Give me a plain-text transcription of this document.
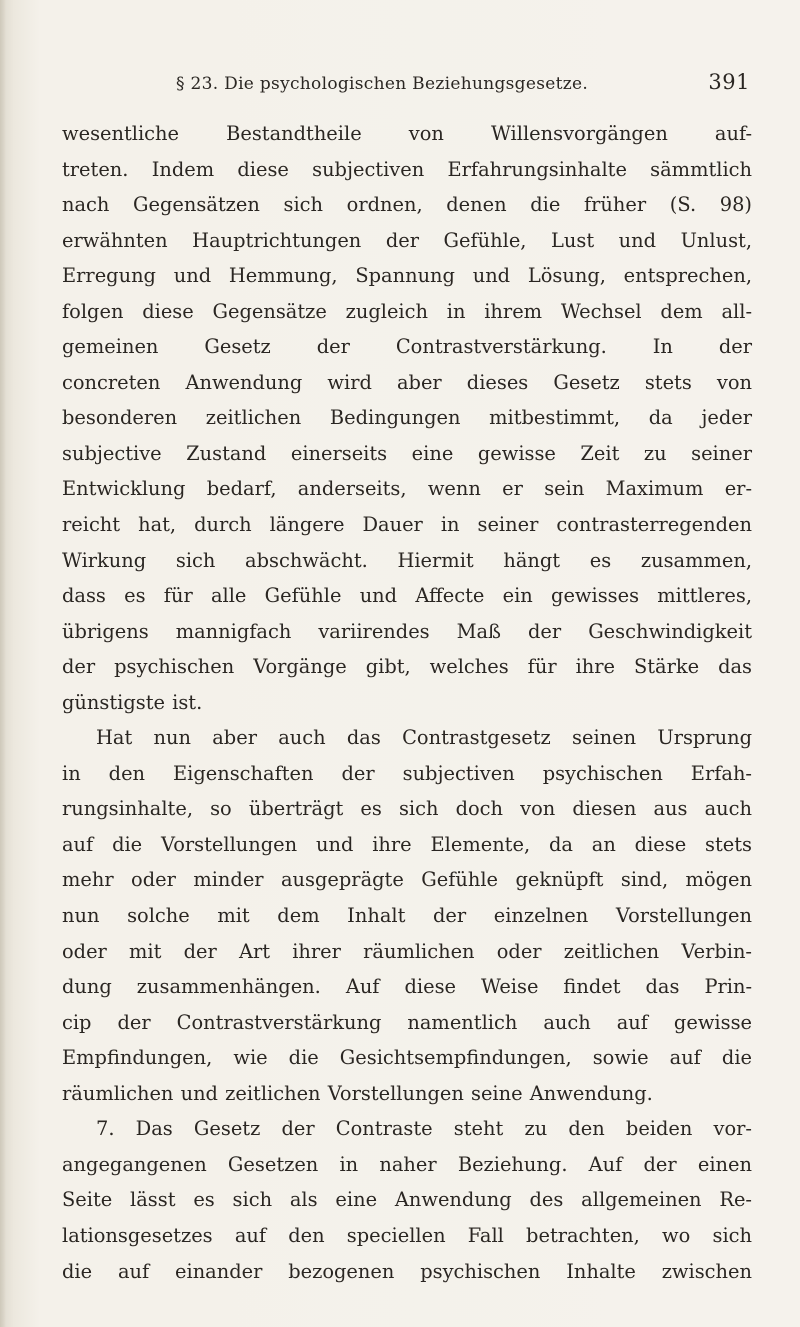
§ 23. Die psychologischen Beziehungsgesetze.	391
wesentliche Bestandtheile von Willensvorgängen auf-
treten. Indem diese subjectiven Erfahrungsinhalte sämmtlich
nach Gegensätzen sich ordnen, denen die früher (S. 98)
erwähnten Hauptrichtungen der Gefühle, Lust und Unlust,
Erregung und Hemmung, Spannung und Lösung, entsprechen,
folgen diese Gegensätze zugleich in ihrem Wechsel dem all-
gemeinen Gesetz der Contrastverstärkung. In der
concreten Anwendung wird aber dieses Gesetz stets von
besonderen zeitlichen Bedingungen mitbestimmt, da jeder
subjective Zustand einerseits eine gewisse Zeit zu seiner
Entwicklung bedarf, anderseits, wenn er sein Maximum er-
reicht hat, durch längere Dauer in seiner contrasterregenden
Wirkung sich abschwächt. Hiermit hängt es zusammen,
dass es für alle Gefühle und Affecte ein gewisses mittleres,
übrigens mannigfach variirendes Maß der Geschwindigkeit
der psychischen Vorgänge gibt, welches für ihre Stärke das
günstigste ist.
Hat nun aber auch das Contrastgesetz seinen Ursprung
in den Eigenschaften der subjectiven psychischen Erfah-
rungsinhalte, so überträgt es sich doch von diesen aus auch
auf die Vorstellungen und ihre Elemente, da an diese stets
mehr oder minder ausgeprägte Gefühle geknüpft sind, mögen
nun solche mit dem Inhalt der einzelnen Vorstellungen
oder mit der Art ihrer räumlichen oder zeitlichen Verbin-
dung zusammenhängen. Auf diese Weise findet das Prin-
cip der Contrastverstärkung namentlich auch auf gewisse
Empfindungen, wie die Gesichtsempfindungen, sowie auf die
räumlichen und zeitlichen Vorstellungen seine Anwendung.
7. Das Gesetz der Contraste steht zu den beiden vor-
angegangenen Gesetzen in naher Beziehung. Auf der einen
Seite lässt es sich als eine Anwendung des allgemeinen Re-
lationsgesetzes auf den speciellen Fall betrachten, wo sich
die auf einander bezogenen psychischen Inhalte zwischen
